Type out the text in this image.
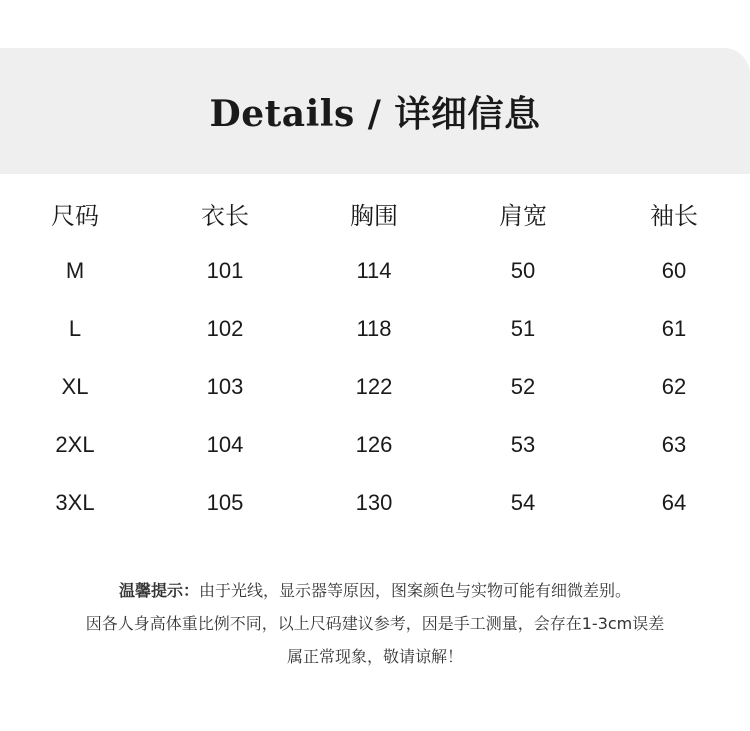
Details / 详细信息
尺码	衣长	胸围	肩宽	袖长
M	101	114	50	60
L	102	118	51	61
XL	103	122	52	62
2XL	104	126	53	63
3XL	105	130	54	64
温馨提示：由于光线，显示器等原因，图案颜色与实物可能有细微差别。
因各人身高体重比例不同，以上尺码建议参考，因是手工测量，会存在1-3cm误差
属正常现象，敬请谅解！
